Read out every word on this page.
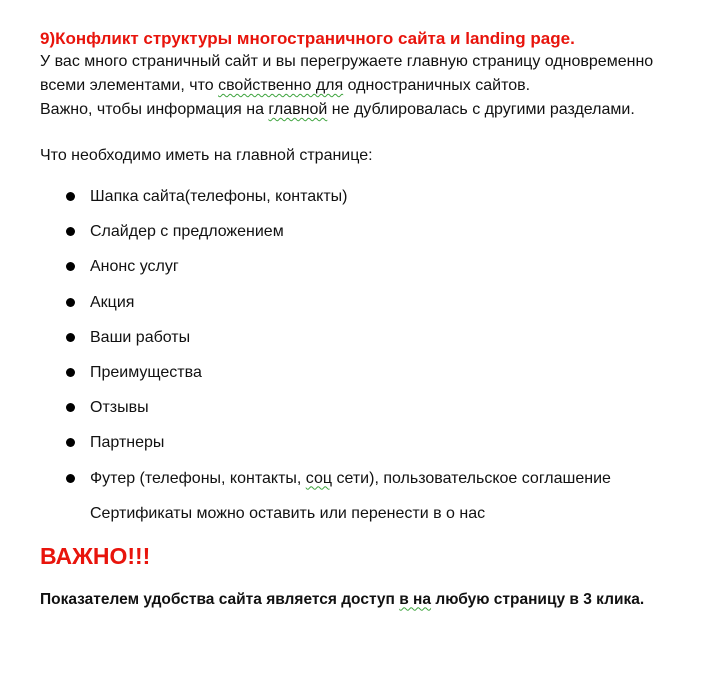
9)Конфликт структуры многостраничного сайта и landing page.

У вас много страничный сайт и вы перегружаете главную страницу одновременно

всеми элементами, что свойственно для одностраничных сайтов.

Важно, чтобы информация на главной не дублировалась с другими разделами.

Что необходимо иметь на главной странице:

Шапка сайта(телефоны, контакты)
Слайдер с предложением
Анонс услуг
Акция
Ваши работы
Преимущества
Отзывы
Партнеры
Футер (телефоны, контакты, соц сети), пользовательское соглашение

Сертификаты можно оставить или перенести в о нас

ВАЖНО!!!

Показателем удобства сайта является доступ в на любую страницу в 3 клика.
